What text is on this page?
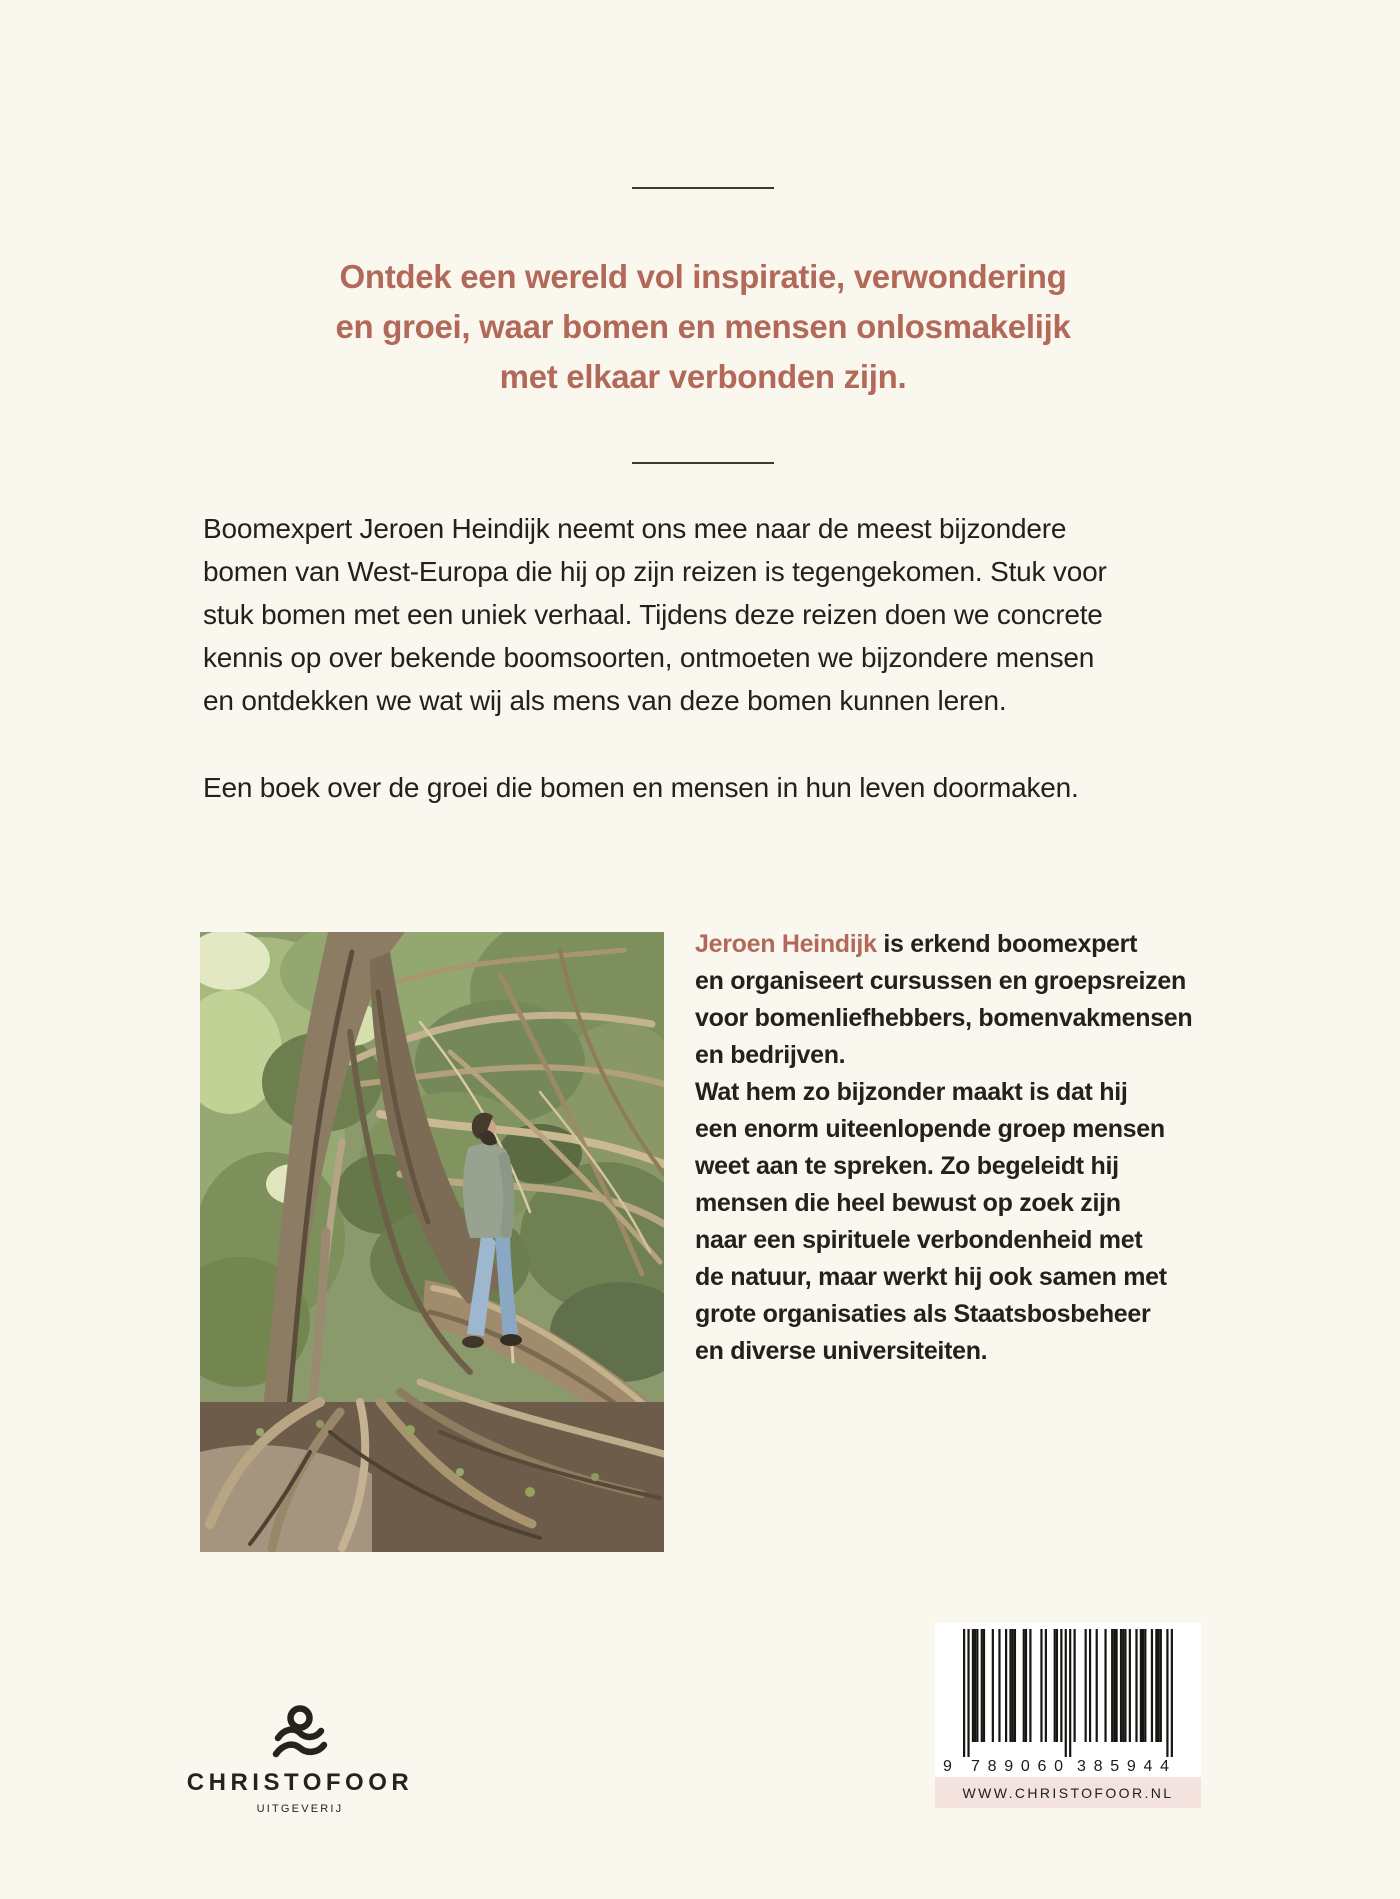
Ontdek een wereld vol inspiratie, verwondering
en groei, waar bomen en mensen onlosmakelijk
met elkaar verbonden zijn.
Boomexpert Jeroen Heindijk neemt ons mee naar de meest bijzondere
bomen van West-Europa die hij op zijn reizen is tegengekomen. Stuk voor
stuk bomen met een uniek verhaal. Tijdens deze reizen doen we concrete
kennis op over bekende boomsoorten, ontmoeten we bijzondere mensen
en ontdekken we wat wij als mens van deze bomen kunnen leren.
Een boek over de groei die bomen en mensen in hun leven doormaken.
Jeroen Heindijk is erkend boomexpert
en organiseert cursussen en groepsreizen
voor bomenliefhebbers, bomenvakmensen
en bedrijven.
Wat hem zo bijzonder maakt is dat hij
een enorm uiteenlopende groep mensen
weet aan te spreken. Zo begeleidt hij
mensen die heel bewust op zoek zijn
naar een spirituele verbondenheid met
de natuur, maar werkt hij ook samen met
grote organisaties als Staatsbosbeheer
en diverse universiteiten.
CHRISTOFOOR
UITGEVERIJ
9 789060 385944
WWW.CHRISTOFOOR.NL
